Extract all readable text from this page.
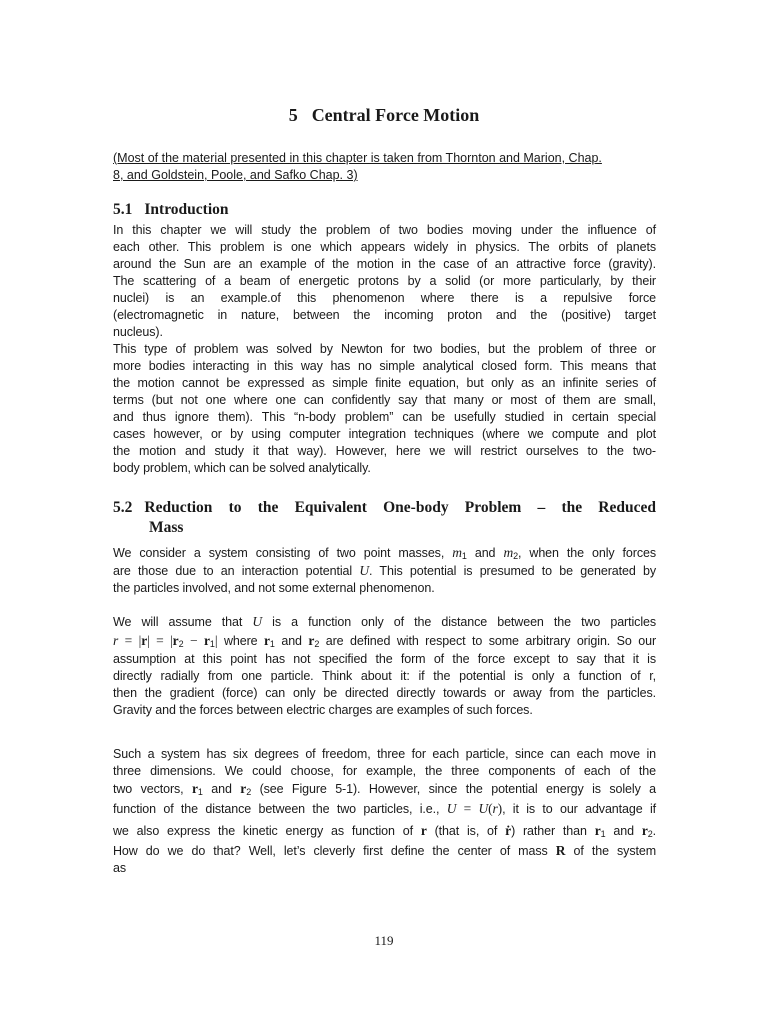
5 Central Force Motion

(Most of the material presented in this chapter is taken from Thornton and Marion, Chap.
8, and Goldstein, Poole, and Safko Chap. 3)

5.1 Introduction
In this chapter we will study the problem of two bodies moving under the influence of
each other. This problem is one which appears widely in physics. The orbits of planets
around the Sun are an example of the motion in the case of an attractive force (gravity).
The scattering of a beam of energetic protons by a solid (or more particularly, by their
nuclei) is an example.of this phenomenon where there is a repulsive force
(electromagnetic in nature, between the incoming proton and the (positive) target
nucleus).
This type of problem was solved by Newton for two bodies, but the problem of three or
more bodies interacting in this way has no simple analytical closed form. This means that
the motion cannot be expressed as simple finite equation, but only as an infinite series of
terms (but not one where one can confidently say that many or most of them are small,
and thus ignore them). This “n-body problem” can be usefully studied in certain special
cases however, or by using computer integration techniques (where we compute and plot
the motion and study it that way). However, here we will restrict ourselves to the two-
body problem, which can be solved analytically.
5.2 Reduction to the Equivalent One-body Problem – the Reduced
Mass
We consider a system consisting of two point masses, $m_1$ and $m_2$, when the only forces
are those due to an interaction potential U. This potential is presumed to be generated by
the particles involved, and not some external phenomenon.
We will assume that U is a function only of the distance between the two particles
$r = |r| = |r_2 - r_1|$ where $r_1$ and $r_2$ are defined with respect to some arbitrary origin. So our
assumption at this point has not specified the form of the force except to say that it is
directly radially from one particle. Think about it: if the potential is only a function of r,
then the gradient (force) can only be directed directly towards or away from the particles.
Gravity and the forces between electric charges are examples of such forces.
Such a system has six degrees of freedom, three for each particle, since can each move in
three dimensions. We could choose, for example, the three components of each of the
two vectors, $r_1$ and $r_2$ (see Figure 5-1). However, since the potential energy is solely a
function of the distance between the two particles, i.e., U = U(r), it is to our advantage if
we also express the kinetic energy as function of r (that is, of ṙ) rather than $r_1$ and $r_2$.
How do we do that? Well, let’s cleverly first define the center of mass R of the system
as

119
